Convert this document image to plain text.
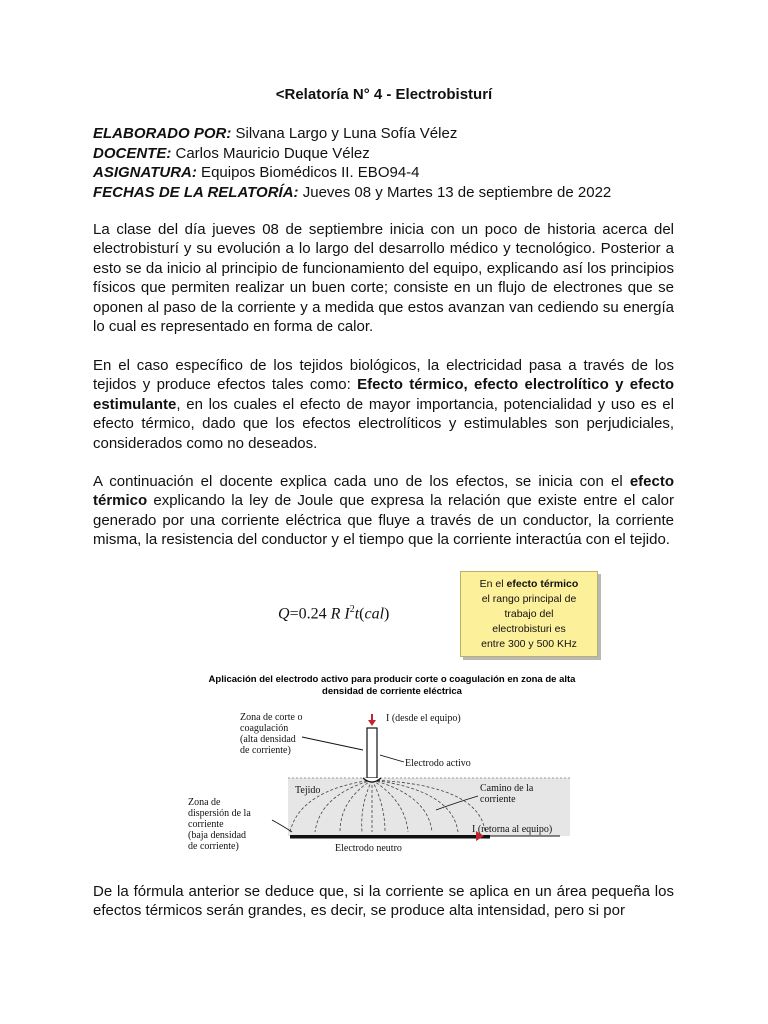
<Relatoría N° 4 - Electrobisturí
ELABORADO POR: Silvana Largo y Luna Sofía Vélez
DOCENTE: Carlos Mauricio Duque Vélez
ASIGNATURA: Equipos Biomédicos II. EBO94-4
FECHAS DE LA RELATORÍA: Jueves 08 y Martes 13 de septiembre de 2022

La clase del día jueves 08 de septiembre inicia con un poco de historia acerca del electrobisturí y su evolución a lo largo del desarrollo médico y tecnológico. Posterior a esto se da inicio al principio de funcionamiento del equipo, explicando así los principios físicos que permiten realizar un buen corte; consiste en un flujo de electrones que se oponen al paso de la corriente y a medida que estos avanzan van cediendo su energía lo cual es representado en forma de calor.

En el caso específico de los tejidos biológicos, la electricidad pasa a través de los tejidos y produce efectos tales como: Efecto térmico, efecto electrolítico y efecto estimulante, en los cuales el efecto de mayor importancia, potencialidad y uso es el efecto térmico, dado que los efectos electrolíticos y estimulables son perjudiciales, considerados como no deseados.

A continuación el docente explica cada uno de los efectos, se inicia con el efecto térmico explicando la ley de Joule que expresa la relación que existe entre el calor generado por una corriente eléctrica que fluye a través de un conductor, la corriente misma, la resistencia del conductor y el tiempo que la corriente interactúa con el tejido.

Q=0.24 R $I^2t(cal)$
En el efecto térmico
el rango principal de
trabajo del
electrobisturi es
entre 300 y 500 KHz
Aplicación del electrodo activo para producir corte o coagulación en zona de alta
densidad de corriente eléctrica
Zona de corte o coagulación (alta densidad de corriente)
I (desde el equipo)
Electrodo activo
Tejido	Camino de la corriente
Zona de dispersión de la corriente (baja densidad de corriente)
I (retorna al equipo)
Electrodo neutro

De la fórmula anterior se deduce que, si la corriente se aplica en un área pequeña los efectos térmicos serán grandes, es decir, se produce alta intensidad, pero si por
